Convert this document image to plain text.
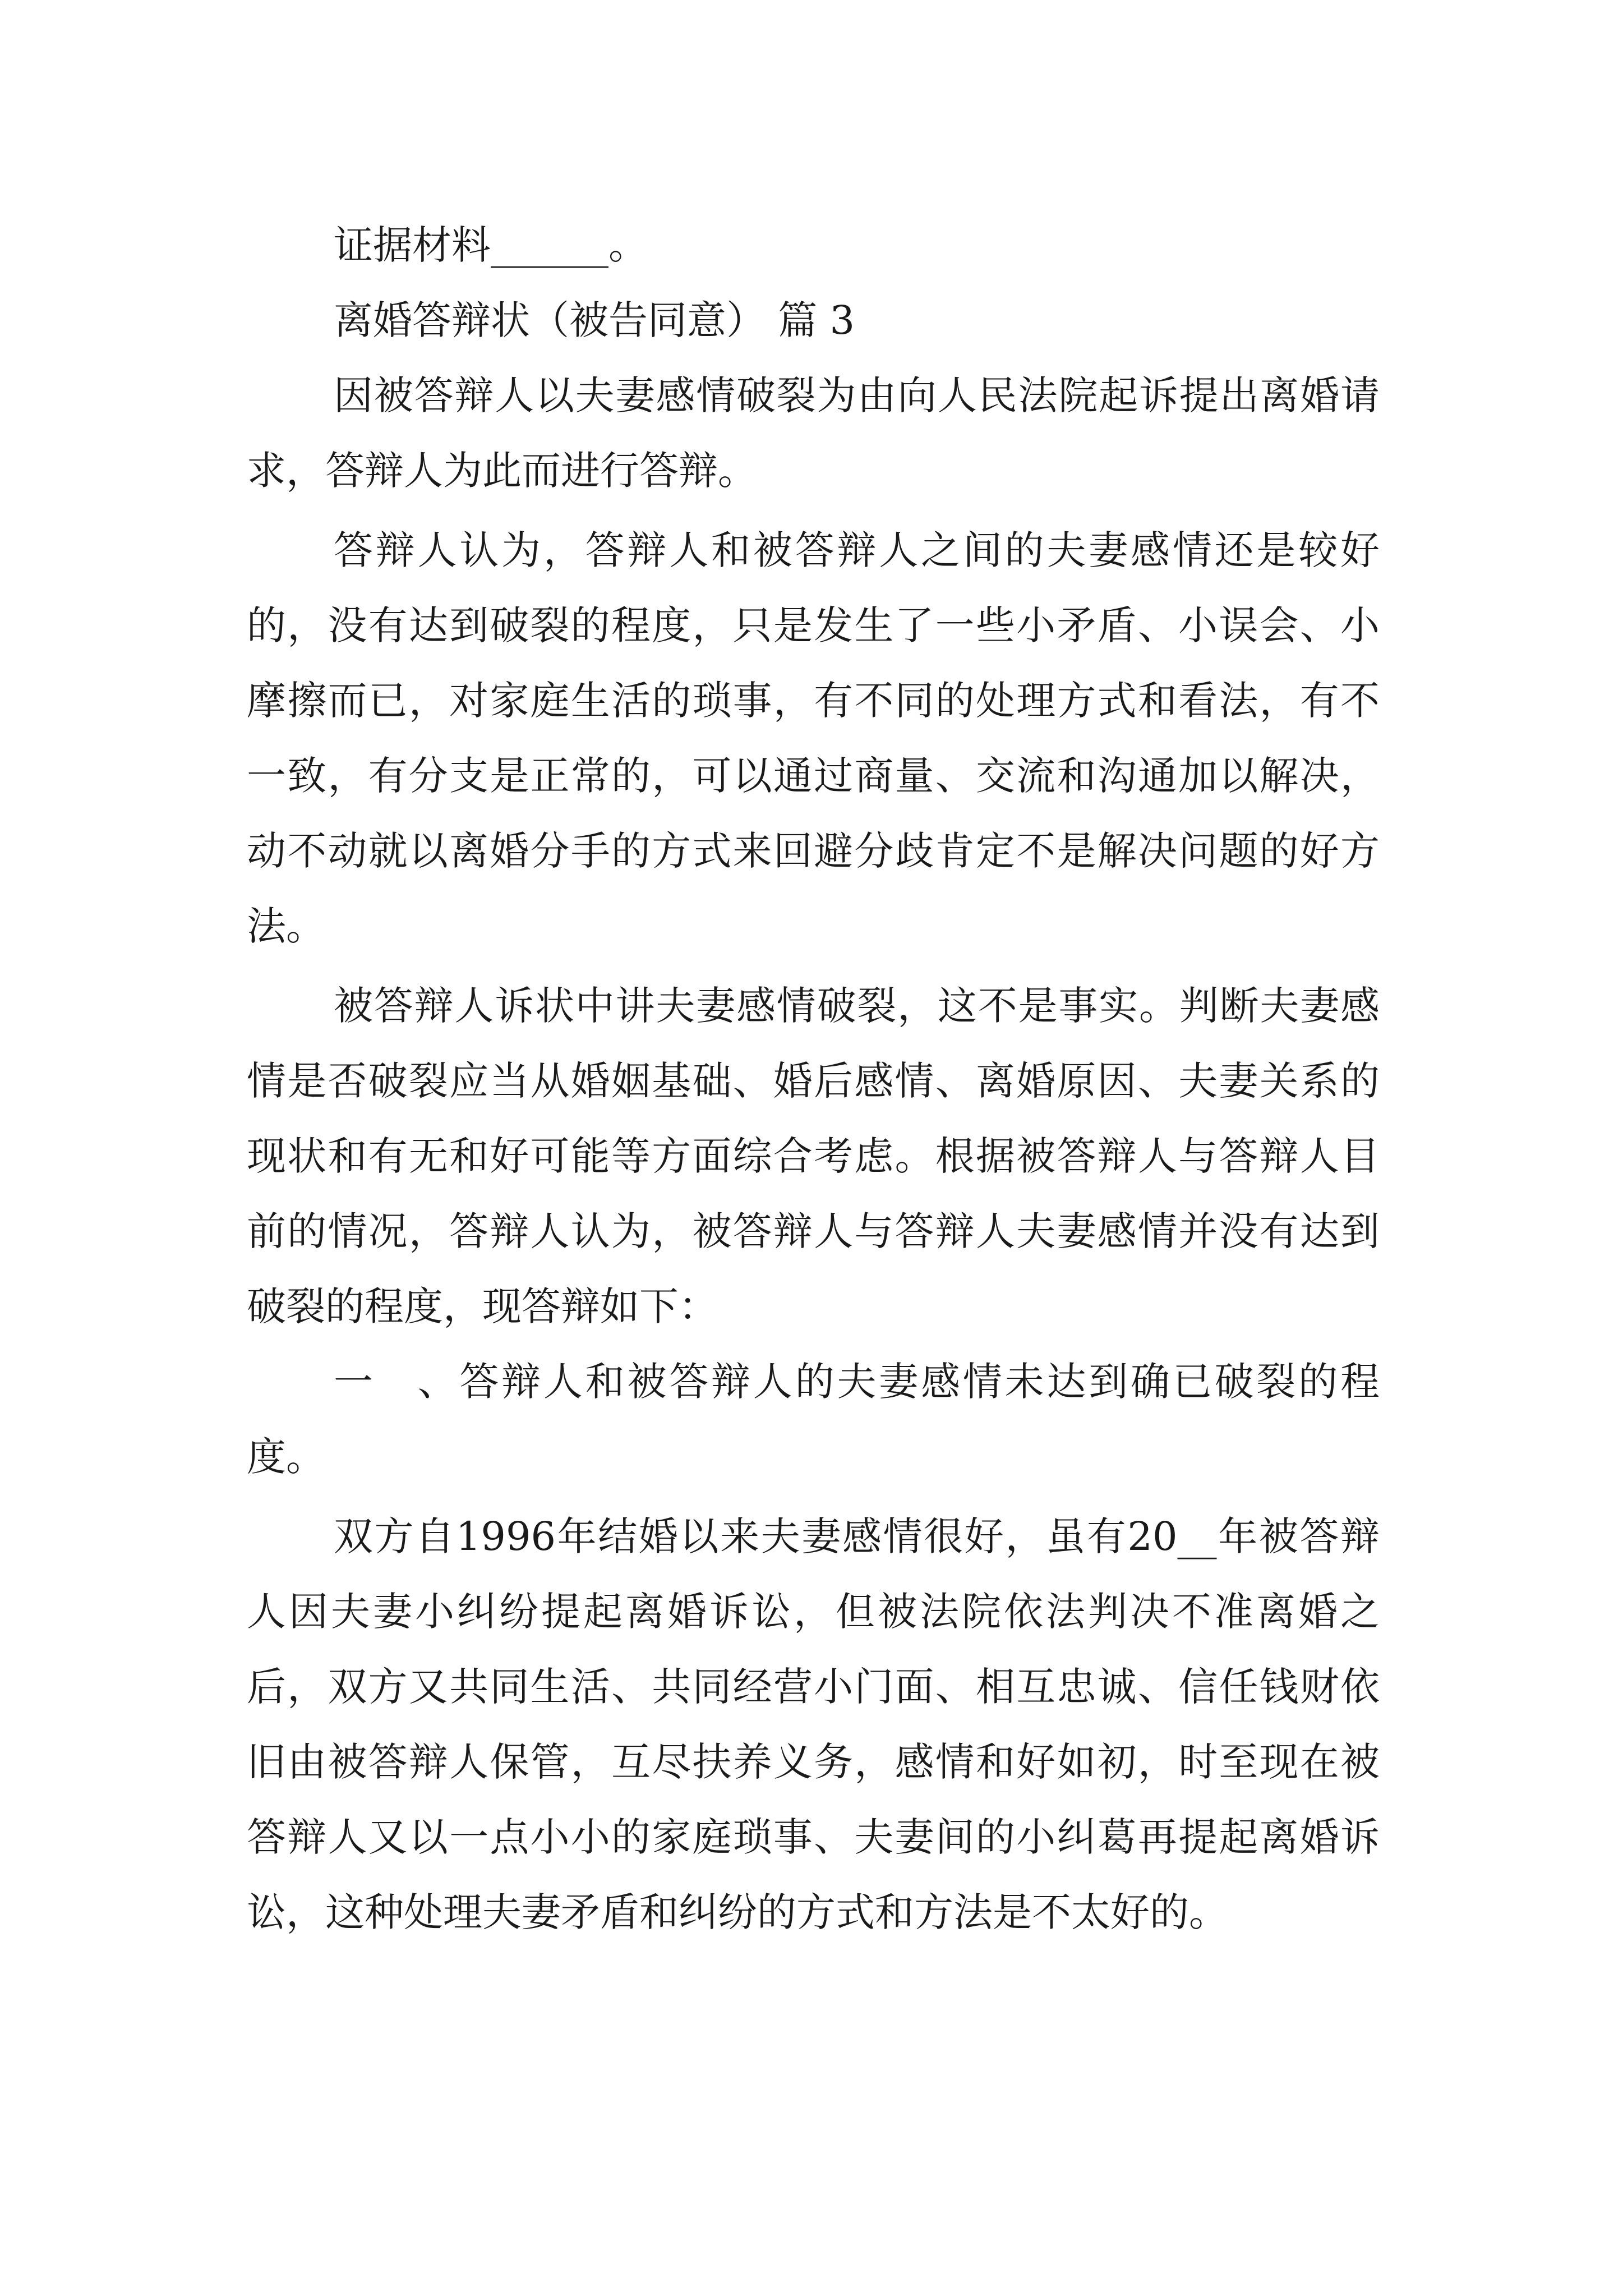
证据材料______。

离婚答辩状（被告同意） 篇 3

因被答辩人以夫妻感情破裂为由向人民法院起诉提出离婚请求，答辩人为此而进行答辩。

答辩人认为，答辩人和被答辩人之间的夫妻感情还是较好的，没有达到破裂的程度，只是发生了一些小矛盾、小误会、小摩擦而已，对家庭生活的琐事，有不同的处理方式和看法，有不一致，有分支是正常的，可以通过商量、交流和沟通加以解决，动不动就以离婚分手的方式来回避分歧肯定不是解决问题的好方法。

被答辩人诉状中讲夫妻感情破裂，这不是事实。判断夫妻感情是否破裂应当从婚姻基础、婚后感情、离婚原因、夫妻关系的现状和有无和好可能等方面综合考虑。根据被答辩人与答辩人目前的情况，答辩人认为，被答辩人与答辩人夫妻感情并没有达到破裂的程度，现答辩如下：

一　、答辩人和被答辩人的夫妻感情未达到确已破裂的程度。

双方自1996年结婚以来夫妻感情很好，虽有20__年被答辩人因夫妻小纠纷提起离婚诉讼，但被法院依法判决不准离婚之后，双方又共同生活、共同经营小门面、相互忠诚、信任钱财依旧由被答辩人保管，互尽扶养义务，感情和好如初，时至现在被答辩人又以一点小小的家庭琐事、夫妻间的小纠葛再提起离婚诉讼，这种处理夫妻矛盾和纠纷的方式和方法是不太好的。
